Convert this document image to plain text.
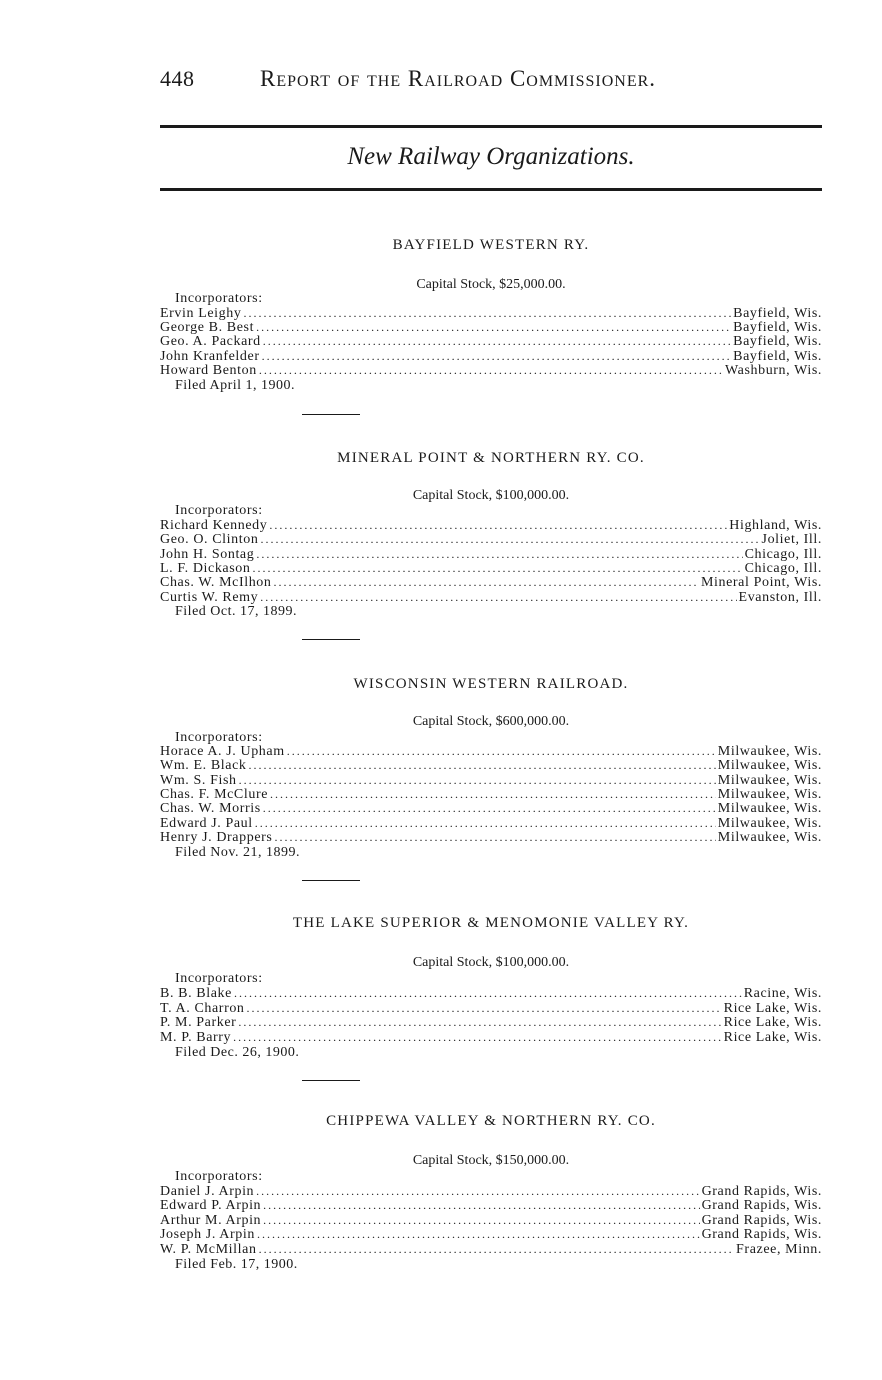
448	Report of the Railroad Commissioner.
New Railway Organizations.
BAYFIELD WESTERN RY.
Capital Stock, $25,000.00.
Incorporators:
Ervin Leighy .....	Bayfield, Wis.
George B. Best .....	Bayfield, Wis.
Geo. A. Packard .....	Bayfield, Wis.
John Kranfelder .....	Bayfield, Wis.
Howard Benton .....	Washburn, Wis.
Filed April 1, 1900.
MINERAL POINT & NORTHERN RY. CO.
Capital Stock, $100,000.00.
Incorporators:
Richard Kennedy .....	Highland, Wis.
Geo. O. Clinton .....	Joliet, Ill.
John H. Sontag .....	Chicago, Ill.
L. F. Dickason .....	Chicago, Ill.
Chas. W. McIlhon .....	Mineral Point, Wis.
Curtis W. Remy .....	Evanston, Ill.
Filed Oct. 17, 1899.
WISCONSIN WESTERN RAILROAD.
Capital Stock, $600,000.00.
Incorporators:
Horace A. J. Upham .....	Milwaukee, Wis.
Wm. E. Black .....	Milwaukee, Wis.
Wm. S. Fish .....	Milwaukee, Wis.
Chas. F. McClure .....	Milwaukee, Wis.
Chas. W. Morris .....	Milwaukee, Wis.
Edward J. Paul .....	Milwaukee, Wis.
Henry J. Drappers .....	Milwaukee, Wis.
Filed Nov. 21, 1899.
THE LAKE SUPERIOR & MENOMONIE VALLEY RY.
Capital Stock, $100,000.00.
Incorporators:
B. B. Blake .....	Racine, Wis.
T. A. Charron .....	Rice Lake, Wis.
P. M. Parker .....	Rice Lake, Wis.
M. P. Barry .....	Rice Lake, Wis.
Filed Dec. 26, 1900.
CHIPPEWA VALLEY & NORTHERN RY. CO.
Capital Stock, $150,000.00.
Incorporators:
Daniel J. Arpin .....	Grand Rapids, Wis.
Edward P. Arpin .....	Grand Rapids, Wis.
Arthur M. Arpin .....	Grand Rapids, Wis.
Joseph J. Arpin .....	Grand Rapids, Wis.
W. P. McMillan .....	Frazee, Minn.
Filed Feb. 17, 1900.
